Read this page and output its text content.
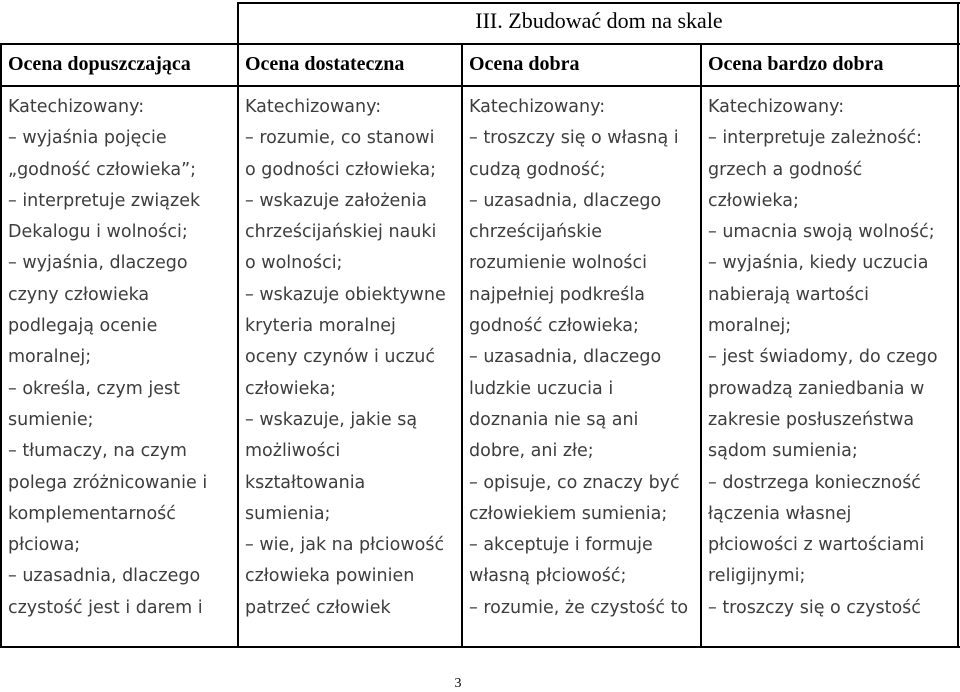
III. Zbudować dom na skale
Ocena dopuszczająca	Ocena dostateczna	Ocena dobra	Ocena bardzo dobra
Katechizowany:
– wyjaśnia pojęcie
„godność człowieka”;
– interpretuje związek
Dekalogu i wolności;
– wyjaśnia, dlaczego
czyny człowieka
podlegają ocenie
moralnej;
– określa, czym jest
sumienie;
– tłumaczy, na czym
polega zróżnicowanie i
komplementarność
płciowa;
– uzasadnia, dlaczego
czystość jest i darem i
Katechizowany:
– rozumie, co stanowi
o godności człowieka;
– wskazuje założenia
chrześcijańskiej nauki
o wolności;
– wskazuje obiektywne
kryteria moralnej
oceny czynów i uczuć
człowieka;
– wskazuje, jakie są
możliwości
kształtowania
sumienia;
– wie, jak na płciowość
człowieka powinien
patrzeć człowiek
Katechizowany:
– troszczy się o własną i
cudzą godność;
– uzasadnia, dlaczego
chrześcijańskie
rozumienie wolności
najpełniej podkreśla
godność człowieka;
– uzasadnia, dlaczego
ludzkie uczucia i
doznania nie są ani
dobre, ani złe;
– opisuje, co znaczy być
człowiekiem sumienia;
– akceptuje i formuje
własną płciowość;
– rozumie, że czystość to
Katechizowany:
– interpretuje zależność:
grzech a godność
człowieka;
– umacnia swoją wolność;
– wyjaśnia, kiedy uczucia
nabierają wartości
moralnej;
– jest świadomy, do czego
prowadzą zaniedbania w
zakresie posłuszeństwa
sądom sumienia;
– dostrzega konieczność
łączenia własnej
płciowości z wartościami
religijnymi;
– troszczy się o czystość
3
